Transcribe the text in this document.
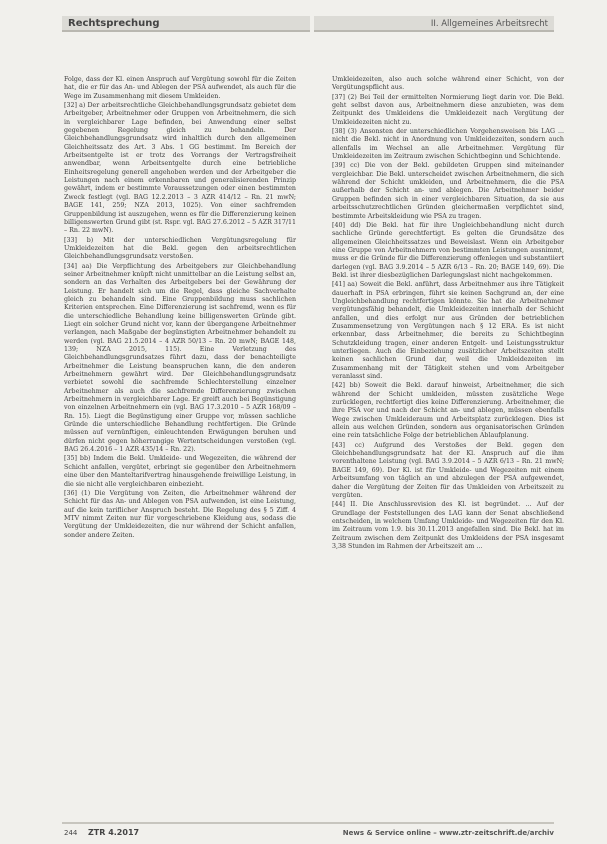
Rechtsprechung	II. Allgemeines Arbeitsrecht

Folge, dass der Kl. einen Anspruch auf Vergütung sowohl für die Zeiten hat, die er für das An- und Ablegen der PSA aufwendet, als auch für die Wege im Zusammenhang mit diesem Umkleiden.

[32] a) Der arbeitsrechtliche Gleichbehandlungsgrundsatz gebietet dem Arbeitgeber, Arbeitnehmer oder Gruppen von Arbeitnehmern, die sich in vergleichbarer Lage befinden, bei Anwendung einer selbst gegebenen Regelung gleich zu behandeln. Der Gleichbehandlungsgrundsatz wird inhaltlich durch den allgemeinen Gleichheitssatz des Art. 3 Abs. 1 GG bestimmt. Im Bereich der Arbeitsentgelte ist er trotz des Vorrangs der Vertragsfreiheit anwendbar, wenn Arbeitsentgelte durch eine betriebliche Einheitsregelung generell angehoben werden und der Arbeitgeber die Leistungen nach einem erkennbaren und generalisierenden Prinzip gewährt, indem er bestimmte Voraussetzungen oder einen bestimmten Zweck festlegt (vgl. BAG 12.2.2013 – 3 AZR 414/12 – Rn. 21 mwN; BAGE 141, 259; NZA 2013, 1025). Von einer sachfremden Gruppenbildung ist auszugehen, wenn es für die Differenzierung keinen billigenswerten Grund gibt (st. Rspr. vgl. BAG 27.6.2012 – 5 AZR 317/11 – Rn. 22 mwN).

[33] b) Mit der unterschiedlichen Vergütungsregelung für Umkleidezeiten hat die Bekl. gegen den arbeitsrechtlichen Gleichbehandlungsgrundsatz verstoßen.

[34] aa) Die Verpflichtung des Arbeitgebers zur Gleichbehandlung seiner Arbeitnehmer knüpft nicht unmittelbar an die Leistung selbst an, sondern an das Verhalten des Arbeitgebers bei der Gewährung der Leistung. Er handelt sich um die Regel, dass gleiche Sachverhalte gleich zu behandeln sind. Eine Gruppenbildung muss sachlichen Kriterien entsprechen. Eine Differenzierung ist sachfremd, wenn es für die unterschiedliche Behandlung keine billigenswerten Gründe gibt. Liegt ein solcher Grund nicht vor, kann der übergangene Arbeitnehmer verlangen, nach Maßgabe der begünstigten Arbeitnehmer behandelt zu werden (vgl. BAG 21.5.2014 – 4 AZR 50/13 – Rn. 20 mwN; BAGE 148, 139; NZA 2015, 115). Eine Verletzung des Gleichbehandlungsgrundsatzes führt dazu, dass der benachteiligte Arbeitnehmer die Leistung beanspruchen kann, die den anderen Arbeitnehmern gewährt wird. Der Gleichbehandlungsgrundsatz verbietet sowohl die sachfremde Schlechterstellung einzelner Arbeitnehmer als auch die sachfremde Differenzierung zwischen Arbeitnehmern in vergleichbarer Lage. Er greift auch bei Begünstigung von einzelnen Arbeitnehmern ein (vgl. BAG 17.3.2010 – 5 AZR 168/09 – Rn. 15). Liegt die Begünstigung einer Gruppe vor, müssen sachliche Gründe die unterschiedliche Behandlung rechtfertigen. Die Gründe müssen auf vernünftigen, einleuchtenden Erwägungen beruhen und dürfen nicht gegen höherrangige Wertentscheidungen verstoßen (vgl. BAG 26.4.2016 – 1 AZR 435/14 – Rn. 22).

[35] bb) Indem die Bekl. Umkleide- und Wegezeiten, die während der Schicht anfallen, vergütet, erbringt sie gegenüber den Arbeitnehmern eine über den Manteltarifvertrag hinausgehende freiwillige Leistung, in die sie nicht alle vergleichbaren einbezieht.

[36] (1) Die Vergütung von Zeiten, die Arbeitnehmer während der Schicht für das An- und Ablegen von PSA aufwenden, ist eine Leistung, auf die kein tariflicher Anspruch besteht. Die Regelung des § 5 Ziff. 4 MTV nimmt Zeiten nur für vorgeschriebene Kleidung aus, sodass die Vergütung der Umkleidezeiten, die nur während der Schicht anfallen, sonder andere Zeiten.

Umkleidezeiten, also auch solche während einer Schicht, von der Vergütungspflicht aus.

[37] (2) Bei Teil der ermittelten Normierung liegt darin vor. Die Bekl. geht selbst davon aus, Arbeitnehmern diese anzubieten, was dem Zeitpunkt des Umkleidens die Umkleidezeit nach Vergütung der Umkleidezeiten nicht zu.

[38] (3) Ansonsten der unterschiedlichen Vorgehensweisen bis LAG ... nicht die Bekl. nicht in Anordnung von Umkleidezeiten, sondern auch allenfalls im Wechsel an alle Arbeitnehmer. Vergütung für Umkleidezeiten im Zeitraum zwischen Schichtbeginn und Schichtende.

[39] cc) Die von der Bekl. gebildeten Gruppen sind miteinander vergleichbar. Die Bekl. unterscheidet zwischen Arbeitnehmern, die sich während der Schicht umkleiden, und Arbeitnehmern, die die PSA außerhalb der Schicht an- und ablegen. Die Arbeitnehmer beider Gruppen befinden sich in einer vergleichbaren Situation, da sie aus arbeitsschutzrechtlichen Gründen gleichermaßen verpflichtet sind, bestimmte Arbeitskleidung wie PSA zu tragen.

[40] dd) Die Bekl. hat für ihre Ungleichbehandlung nicht durch sachliche Gründe gerechtfertigt. Es gelten die Grundsätze des allgemeinen Gleichheitssatzes und Beweislast. Wenn ein Arbeitgeber eine Gruppe von Arbeitnehmern von bestimmten Leistungen ausnimmt, muss er die Gründe für die Differenzierung offenlegen und substantiiert darlegen (vgl. BAG 3.9.2014 – 5 AZR 6/13 – Rn. 20; BAGE 149, 69). Die Bekl. ist ihrer diesbezüglichen Darlegungslast nicht nachgekommen.

[41] aa) Soweit die Bekl. anführt, dass Arbeitnehmer aus ihre Tätigkeit dauerhaft in PSA erbringen, führt sie keinen Sachgrund an, der eine Ungleichbehandlung rechtfertigen könnte. Sie hat die Arbeitnehmer vergütungsfähig behandelt, die Umkleidezeiten innerhalb der Schicht anfallen, und dies erfolgt nur aus Gründen der betrieblichen Zusammensetzung von Vergütungen nach § 12 ERA. Es ist nicht erkennbar, dass Arbeitnehmer, die bereits zu Schichtbeginn Schutzkleidung tragen, einer anderen Entgelt- und Leistungsstruktur unterliegen. Auch die Einbeziehung zusätzlicher Arbeitszeiten stellt keinen sachlichen Grund dar, weil die Umkleidezeiten im Zusammenhang mit der Tätigkeit stehen und vom Arbeitgeber veranlasst sind.

[42] bb) Soweit die Bekl. darauf hinweist, Arbeitnehmer, die sich während der Schicht umkleiden, müssten zusätzliche Wege zurücklegen, rechtfertigt dies keine Differenzierung. Arbeitnehmer, die ihre PSA vor und nach der Schicht an- und ablegen, müssen ebenfalls Wege zwischen Umkleideraum und Arbeitsplatz zurücklegen. Dies ist allein aus welchen Gründen, sondern aus organisatorischen Gründen eine rein tatsächliche Folge der betrieblichen Ablaufplanung.

[43] cc) Aufgrund des Verstoßes der Bekl. gegen den Gleichbehandlungsgrundsatz hat der Kl. Anspruch auf die ihm vorenthaltene Leistung (vgl. BAG 3.9.2014 – 5 AZR 6/13 – Rn. 21 mwN; BAGE 149, 69). Der Kl. ist für Umkleide- und Wegezeiten mit einem Arbeitsumfang von täglich an und abzulegen der PSA aufgewendet, daher die Vergütung der Zeiten für das Umkleiden von Arbeitszeit zu vergüten.

[44] II. Die Anschlussrevision des Kl. ist begründet. ... Auf der Grundlage der Feststellungen des LAG kann der Senat abschließend entscheiden, in welchem Umfang Umkleide- und Wegezeiten für den Kl. im Zeitraum vom 1.9. bis 30.11.2013 angefallen sind. Die Bekl. hat im Zeitraum zwischen dem Zeitpunkt des Umkleidens der PSA insgesamt 3,38 Stunden im Rahmen der Arbeitszeit am ...

244 ZTR 4.2017	News & Service online – www.ztr-zeitschrift.de/archiv
